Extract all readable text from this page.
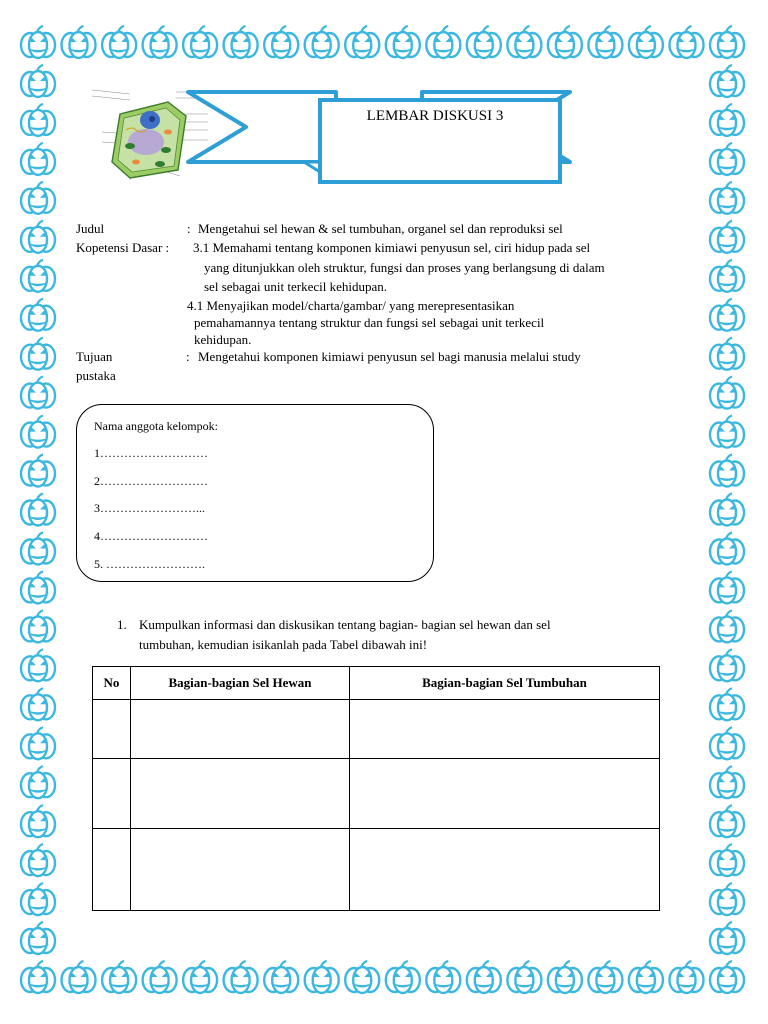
LEMBAR DISKUSI 3
Judul	: Mengetahui sel hewan & sel tumbuhan, organel sel dan reproduksi sel
Kopetensi Dasar : 3.1 Memahami tentang komponen kimiawi penyusun sel, ciri hidup pada sel
yang ditunjukkan oleh struktur, fungsi dan proses yang berlangsung di dalam
sel sebagai unit terkecil kehidupan.
4.1 Menyajikan model/charta/gambar/ yang merepresentasikan
pemahamannya tentang struktur dan fungsi sel sebagai unit terkecil
kehidupan.
Tujuan	: Mengetahui komponen kimiawi penyusun sel bagi manusia melalui study
pustaka
Nama anggota kelompok:
1………………………
2………………………
3……………………...
4………………………
5. …………………….
1. Kumpulkan informasi dan diskusikan tentang bagian- bagian sel hewan dan sel
tumbuhan, kemudian isikanlah pada Tabel dibawah ini!
No	Bagian-bagian Sel Hewan	Bagian-bagian Sel Tumbuhan
